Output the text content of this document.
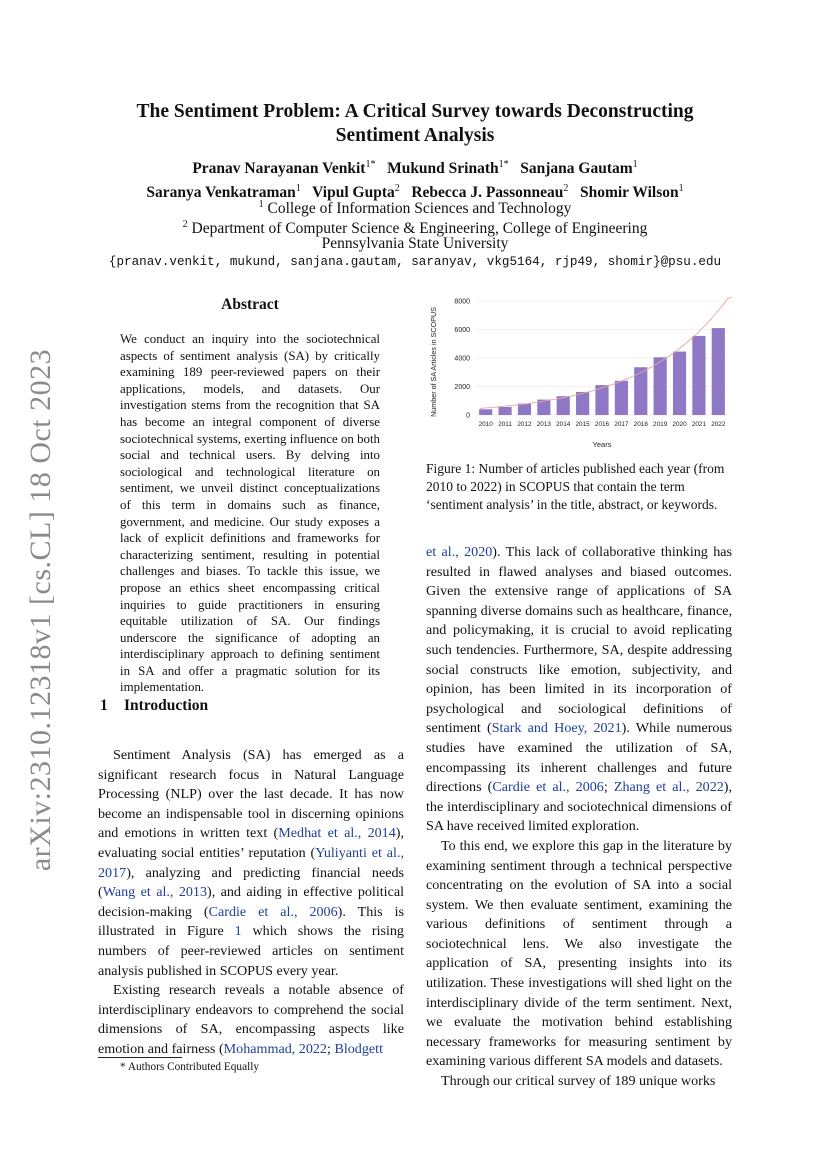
arXiv:2310.12318v1 [cs.CL] 18 Oct 2023
The Sentiment Problem: A Critical Survey towards Deconstructing
Sentiment Analysis
Pranav Narayanan Venkit$^{1*}$ Mukund Srinath$^{1*}$ Sanjana Gautam$^1$
Saranya Venkatraman$^1$ Vipul Gupta$^2$ Rebecca J. Passonneau$^2$ Shomir Wilson$^1$
$^1$ College of Information Sciences and Technology
$^2$ Department of Computer Science & Engineering, College of Engineering
Pennsylvania State University
{pranav.venkit, mukund, sanjana.gautam, saranyav, vkg5164, rjp49, shomir}@psu.edu
Abstract
We conduct an inquiry into the sociotechnical aspects of sentiment analysis (SA) by critically examining 189 peer-reviewed papers on their applications, models, and datasets. Our investigation stems from the recognition that SA has become an integral component of diverse sociotechnical systems, exerting influence on both social and technical users. By delving into sociological and technological literature on sentiment, we unveil distinct conceptualizations of this term in domains such as finance, government, and medicine. Our study exposes a lack of explicit definitions and frameworks for characterizing sentiment, resulting in potential challenges and biases. To tackle this issue, we propose an ethics sheet encompassing critical inquiries to guide practitioners in ensuring equitable utilization of SA. Our findings underscore the significance of adopting an interdisciplinary approach to defining sentiment in SA and offer a pragmatic solution for its implementation.
1 Introduction

Sentiment Analysis (SA) has emerged as a significant research focus in Natural Language Processing (NLP) over the last decade. It has now become an indispensable tool in discerning opinions and emotions in written text (Medhat et al., 2014), evaluating social entities’ reputation (Yuliyanti et al., 2017), analyzing and predicting financial needs (Wang et al., 2013), and aiding in effective political decision-making (Cardie et al., 2006). This is illustrated in Figure 1 which shows the rising numbers of peer-reviewed articles on sentiment analysis published in SCOPUS every year.

Existing research reveals a notable absence of interdisciplinary endeavors to comprehend the social dimensions of SA, encompassing aspects like emotion and fairness (Mohammad, 2022; Blodgett

* Authors Contributed Equally
0
2000
4000
6000
8000
2010 2011 2012 2013 2014 2015 2016 2017 2018 2019 2020 2021 2022
Years
Number of SA Articles in SCOPUS
Figure 1: Number of articles published each year (from 2010 to 2022) in SCOPUS that contain the term ‘sentiment analysis’ in the title, abstract, or keywords.

et al., 2020). This lack of collaborative thinking has resulted in flawed analyses and biased outcomes. Given the extensive range of applications of SA spanning diverse domains such as healthcare, finance, and policymaking, it is crucial to avoid replicating such tendencies. Furthermore, SA, despite addressing social constructs like emotion, subjectivity, and opinion, has been limited in its incorporation of psychological and sociological definitions of sentiment (Stark and Hoey, 2021). While numerous studies have examined the utilization of SA, encompassing its inherent challenges and future directions (Cardie et al., 2006; Zhang et al., 2022), the interdisciplinary and sociotechnical dimensions of SA have received limited exploration.

To this end, we explore this gap in the literature by examining sentiment through a technical perspective concentrating on the evolution of SA into a social system. We then evaluate sentiment, examining the various definitions of sentiment through a sociotechnical lens. We also investigate the application of SA, presenting insights into its utilization. These investigations will shed light on the interdisciplinary divide of the term sentiment. Next, we evaluate the motivation behind establishing necessary frameworks for measuring sentiment by examining various different SA models and datasets.

Through our critical survey of 189 unique works
